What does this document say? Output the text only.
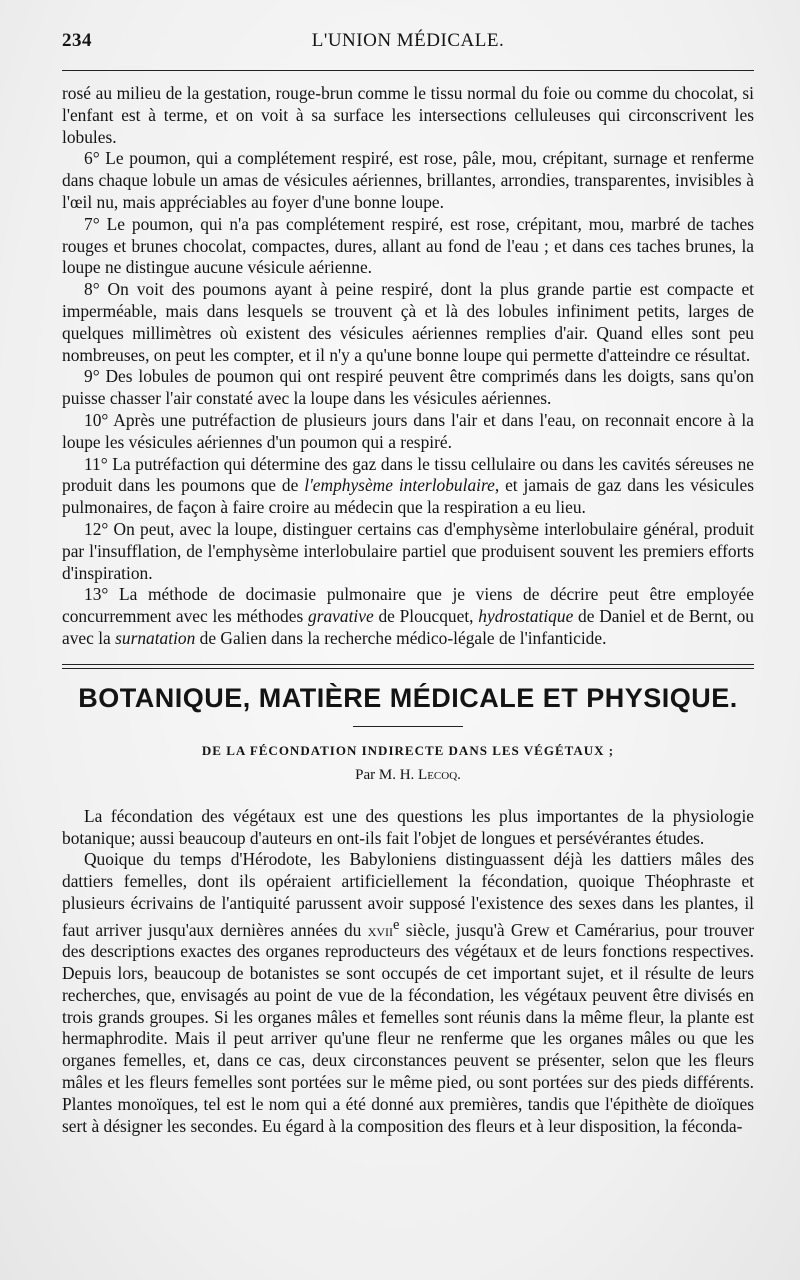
234	L'UNION MÉDICALE.

rosé au milieu de la gestation, rouge-brun comme le tissu normal du foie ou comme du chocolat, si l'enfant est à terme, et on voit à sa surface les intersections celluleuses qui circonscrivent les lobules.

6° Le poumon, qui a complétement respiré, est rose, pâle, mou, crépitant, surnage et renferme dans chaque lobule un amas de vésicules aériennes, brillantes, arrondies, transparentes, invisibles à l'œil nu, mais appréciables au foyer d'une bonne loupe.

7° Le poumon, qui n'a pas complétement respiré, est rose, crépitant, mou, marbré de taches rouges et brunes chocolat, compactes, dures, allant au fond de l'eau ; et dans ces taches brunes, la loupe ne distingue aucune vésicule aérienne.

8° On voit des poumons ayant à peine respiré, dont la plus grande partie est compacte et imperméable, mais dans lesquels se trouvent çà et là des lobules infiniment petits, larges de quelques millimètres où existent des vésicules aériennes remplies d'air. Quand elles sont peu nombreuses, on peut les compter, et il n'y a qu'une bonne loupe qui permette d'atteindre ce résultat.

9° Des lobules de poumon qui ont respiré peuvent être comprimés dans les doigts, sans qu'on puisse chasser l'air constaté avec la loupe dans les vésicules aériennes.

10° Après une putréfaction de plusieurs jours dans l'air et dans l'eau, on reconnait encore à la loupe les vésicules aériennes d'un poumon qui a respiré.

11° La putréfaction qui détermine des gaz dans le tissu cellulaire ou dans les cavités séreuses ne produit dans les poumons que de l'emphysème interlobulaire, et jamais de gaz dans les vésicules pulmonaires, de façon à faire croire au médecin que la respiration a eu lieu.

12° On peut, avec la loupe, distinguer certains cas d'emphysème interlobulaire général, produit par l'insufflation, de l'emphysème interlobulaire partiel que produisent souvent les premiers efforts d'inspiration.

13° La méthode de docimasie pulmonaire que je viens de décrire peut être employée concurremment avec les méthodes gravative de Ploucquet, hydrostatique de Daniel et de Bernt, ou avec la surnatation de Galien dans la recherche médico-légale de l'infanticide.

BOTANIQUE, MATIÈRE MÉDICALE ET PHYSIQUE.
DE LA FÉCONDATION INDIRECTE DANS LES VÉGÉTAUX ;
Par M. H. Lecoq.

La fécondation des végétaux est une des questions les plus importantes de la physiologie botanique; aussi beaucoup d'auteurs en ont-ils fait l'objet de longues et persévérantes études.

Quoique du temps d'Hérodote, les Babyloniens distinguassent déjà les dattiers mâles des dattiers femelles, dont ils opéraient artificiellement la fécondation, quoique Théophraste et plusieurs écrivains de l'antiquité parussent avoir supposé l'existence des sexes dans les plantes, il faut arriver jusqu'aux dernières années du xvii$^e$ siècle, jusqu'à Grew et Camérarius, pour trouver des descriptions exactes des organes reproducteurs des végétaux et de leurs fonctions respectives. Depuis lors, beaucoup de botanistes se sont occupés de cet important sujet, et il résulte de leurs recherches, que, envisagés au point de vue de la fécondation, les végétaux peuvent être divisés en trois grands groupes. Si les organes mâles et femelles sont réunis dans la même fleur, la plante est hermaphrodite. Mais il peut arriver qu'une fleur ne renferme que les organes mâles ou que les organes femelles, et, dans ce cas, deux circonstances peuvent se présenter, selon que les fleurs mâles et les fleurs femelles sont portées sur le même pied, ou sont portées sur des pieds différents. Plantes monoïques, tel est le nom qui a été donné aux premières, tandis que l'épithète de dioïques sert à désigner les secondes. Eu égard à la composition des fleurs et à leur disposition, la féconda-
